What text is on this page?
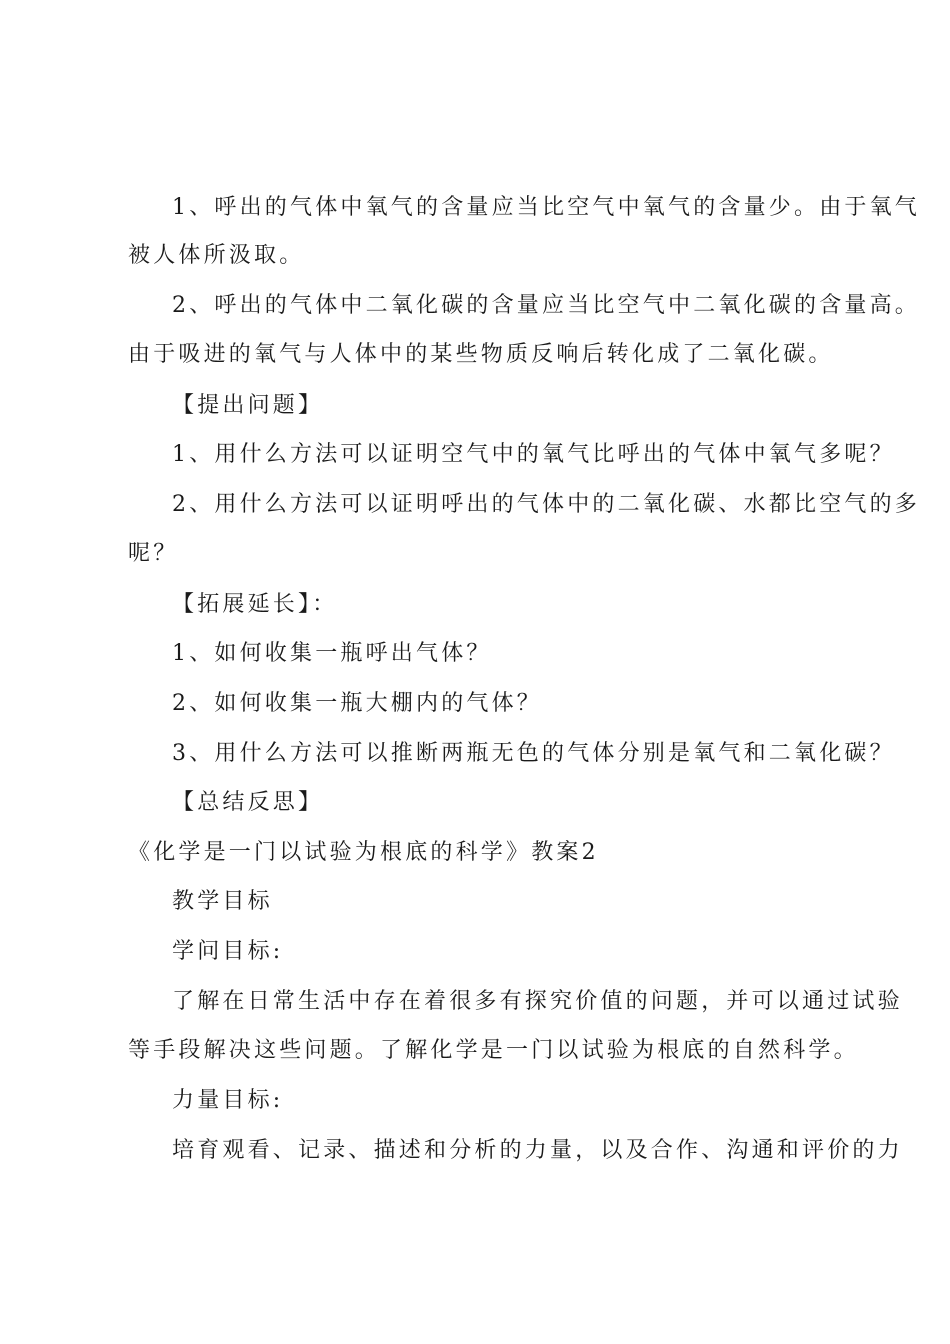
1、呼出的气体中氧气的含量应当比空气中氧气的含量少。由于氧气
被人体所汲取。
2、呼出的气体中二氧化碳的含量应当比空气中二氧化碳的含量高。
由于吸进的氧气与人体中的某些物质反响后转化成了二氧化碳。
【提出问题】
1、用什么方法可以证明空气中的氧气比呼出的气体中氧气多呢？
2、用什么方法可以证明呼出的气体中的二氧化碳、水都比空气的多
呢？
【拓展延长】：
1、如何收集一瓶呼出气体？
2、如何收集一瓶大棚内的气体？
3、用什么方法可以推断两瓶无色的气体分别是氧气和二氧化碳？
【总结反思】
《化学是一门以试验为根底的科学》教案2
教学目标
学问目标:
了解在日常生活中存在着很多有探究价值的问题，并可以通过试验
等手段解决这些问题。了解化学是一门以试验为根底的自然科学。
力量目标:
培育观看、记录、描述和分析的力量，以及合作、沟通和评价的力
